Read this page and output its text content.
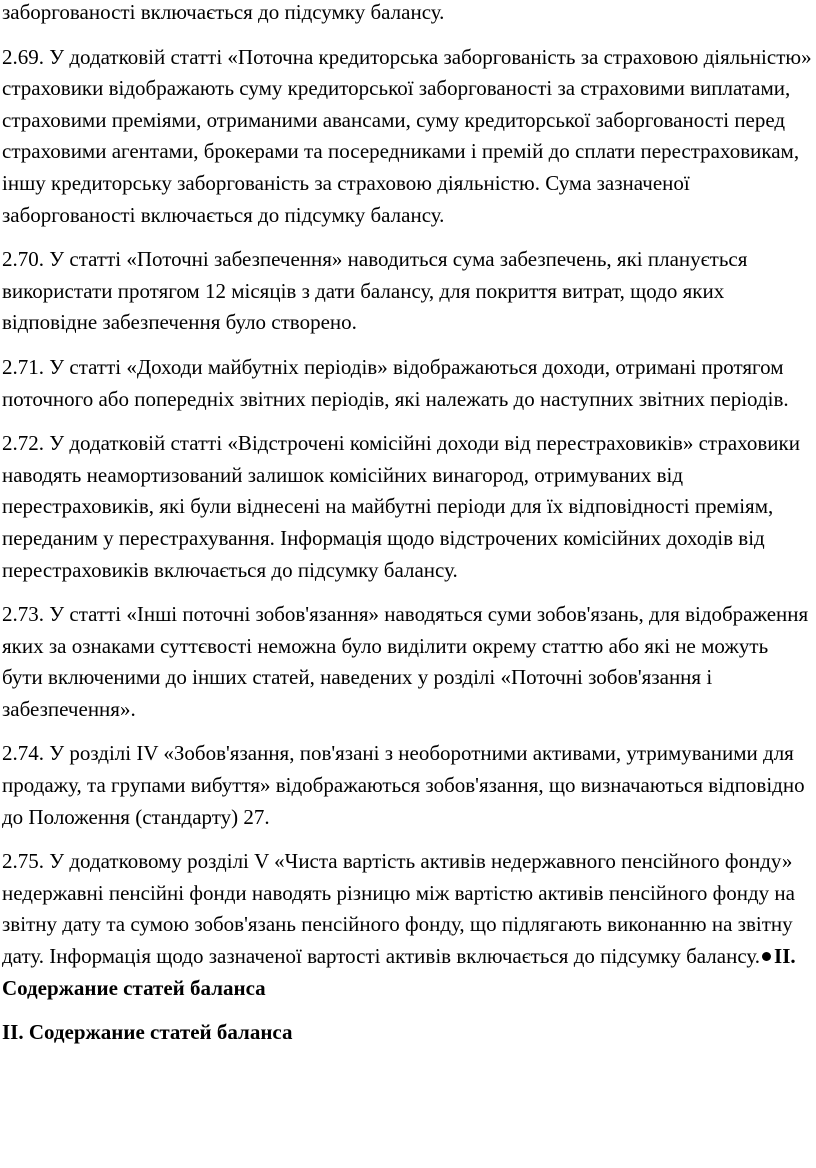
заборгованості включається до підсумку балансу.

2.69. У додатковій статті «Поточна кредиторська заборгованість за страховою діяльністю» страховики відображають суму кредиторської заборгованості за страховими виплатами, страховими преміями, отриманими авансами, суму кредиторської заборгованості перед страховими агентами, брокерами та посередниками і премій до сплати перестраховикам, іншу кредиторську заборгованість за страховою діяльністю. Сума зазначеної заборгованості включається до підсумку балансу.

2.70. У статті «Поточні забезпечення» наводиться сума забезпечень, які планується використати протягом 12 місяців з дати балансу, для покриття витрат, щодо яких відповідне забезпечення було створено.

2.71. У статті «Доходи майбутніх періодів» відображаються доходи, отримані протягом поточного або попередніх звітних періодів, які належать до наступних звітних періодів.

2.72. У додатковій статті «Відстрочені комісійні доходи від перестраховиків» страховики наводять неамортизований залишок комісійних винагород, отримуваних від перестраховиків, які були віднесені на майбутні періоди для їх відповідності преміям, переданим у перестрахування. Інформація щодо відстрочених комісійних доходів від перестраховиків включається до підсумку балансу.

2.73. У статті «Інші поточні зобов'язання» наводяться суми зобов'язань, для відображення яких за ознаками суттєвості неможна було виділити окрему статтю або які не можуть бути включеними до інших статей, наведених у розділі «Поточні зобов'язання і забезпечення».

2.74. У розділі IV «Зобов'язання, пов'язані з необоротними активами, утримуваними для продажу, та групами вибуття» відображаються зобов'язання, що визначаються відповідно до Положення (стандарту) 27.

2.75. У додатковому розділі V «Чиста вартість активів недержавного пенсійного фонду» недержавні пенсійні фонди наводять різницю між вартістю активів пенсійного фонду на звітну дату та сумою зобов'язань пенсійного фонду, що підлягають виконанню на звітну дату. Інформація щодо зазначеної вартості активів включається до підсумку балансу. II. Содержание статей баланса

II. Содержание статей баланса
